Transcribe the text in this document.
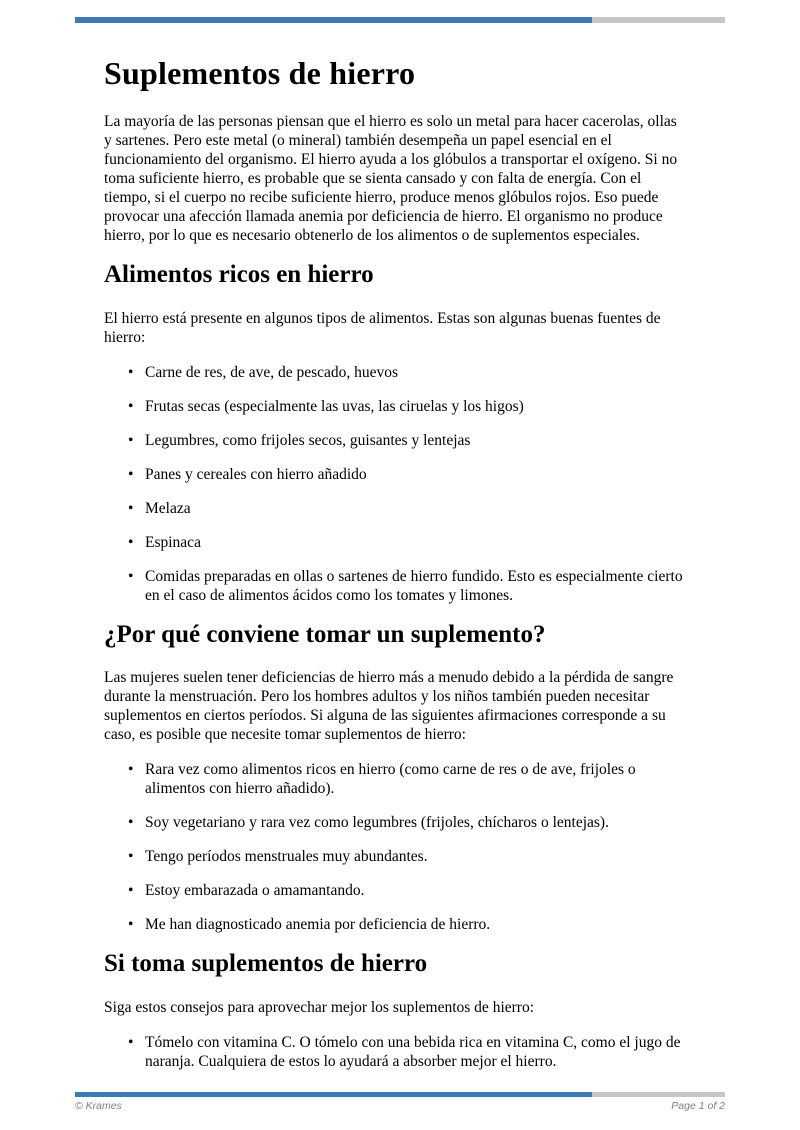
Suplementos de hierro

La mayoría de las personas piensan que el hierro es solo un metal para hacer cacerolas, ollas y sartenes. Pero este metal (o mineral) también desempeña un papel esencial en el funcionamiento del organismo. El hierro ayuda a los glóbulos a transportar el oxígeno. Si no toma suficiente hierro, es probable que se sienta cansado y con falta de energía. Con el tiempo, si el cuerpo no recibe suficiente hierro, produce menos glóbulos rojos. Eso puede provocar una afección llamada anemia por deficiencia de hierro. El organismo no produce hierro, por lo que es necesario obtenerlo de los alimentos o de suplementos especiales.

Alimentos ricos en hierro

El hierro está presente en algunos tipos de alimentos. Estas son algunas buenas fuentes de hierro:

• Carne de res, de ave, de pescado, huevos
• Frutas secas (especialmente las uvas, las ciruelas y los higos)
• Legumbres, como frijoles secos, guisantes y lentejas
• Panes y cereales con hierro añadido
• Melaza
• Espinaca
• Comidas preparadas en ollas o sartenes de hierro fundido. Esto es especialmente cierto en el caso de alimentos ácidos como los tomates y limones.
¿Por qué conviene tomar un suplemento?

Las mujeres suelen tener deficiencias de hierro más a menudo debido a la pérdida de sangre durante la menstruación. Pero los hombres adultos y los niños también pueden necesitar suplementos en ciertos períodos. Si alguna de las siguientes afirmaciones corresponde a su caso, es posible que necesite tomar suplementos de hierro:

• Rara vez como alimentos ricos en hierro (como carne de res o de ave, frijoles o alimentos con hierro añadido).
• Soy vegetariano y rara vez como legumbres (frijoles, chícharos o lentejas).
• Tengo períodos menstruales muy abundantes.
• Estoy embarazada o amamantando.
• Me han diagnosticado anemia por deficiencia de hierro.
Si toma suplementos de hierro

Siga estos consejos para aprovechar mejor los suplementos de hierro:

• Tómelo con vitamina C. O tómelo con una bebida rica en vitamina C, como el jugo de naranja. Cualquiera de estos lo ayudará a absorber mejor el hierro.
© Krames	Page 1 of 2
